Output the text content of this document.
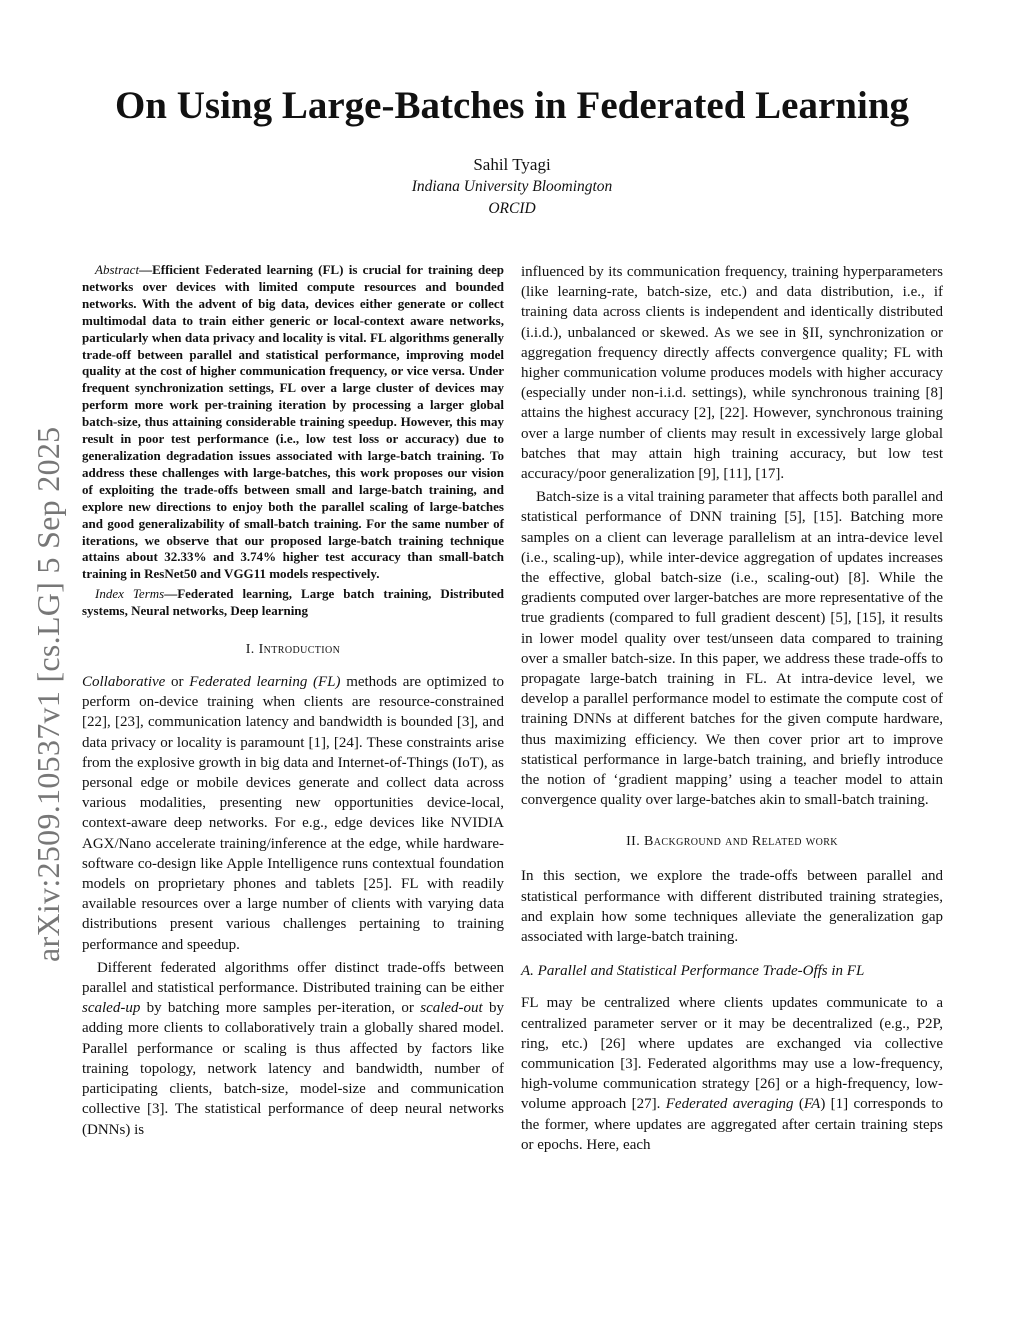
arXiv:2509.10537v1 [cs.LG] 5 Sep 2025
On Using Large-Batches in Federated Learning
Sahil Tyagi
Indiana University Bloomington
ORCID

Abstract—Efficient Federated learning (FL) is crucial for training deep networks over devices with limited compute resources and bounded networks. With the advent of big data, devices either generate or collect multimodal data to train either generic or local-context aware networks, particularly when data privacy and locality is vital. FL algorithms generally trade-off between parallel and statistical performance, improving model quality at the cost of higher communication frequency, or vice versa. Under frequent synchronization settings, FL over a large cluster of devices may perform more work per-training iteration by processing a larger global batch-size, thus attaining considerable training speedup. However, this may result in poor test performance (i.e., low test loss or accuracy) due to generalization degradation issues associated with large-batch training. To address these challenges with large-batches, this work proposes our vision of exploiting the trade-offs between small and large-batch training, and explore new directions to enjoy both the parallel scaling of large-batches and good generalizability of small-batch training. For the same number of iterations, we observe that our proposed large-batch training technique attains about 32.33% and 3.74% higher test accuracy than small-batch training in ResNet50 and VGG11 models respectively.

Index Terms—Federated learning, Large batch training, Distributed systems, Neural networks, Deep learning

I. Introduction

Collaborative or Federated learning (FL) methods are optimized to perform on-device training when clients are resource-constrained [22], [23], communication latency and bandwidth is bounded [3], and data privacy or locality is paramount [1], [24]. These constraints arise from the explosive growth in big data and Internet-of-Things (IoT), as personal edge or mobile devices generate and collect data across various modalities, presenting new opportunities device-local, context-aware deep networks. For e.g., edge devices like NVIDIA AGX/Nano accelerate training/inference at the edge, while hardware-software co-design like Apple Intelligence runs contextual foundation models on proprietary phones and tablets [25]. FL with readily available resources over a large number of clients with varying data distributions present various challenges pertaining to training performance and speedup.

Different federated algorithms offer distinct trade-offs between parallel and statistical performance. Distributed training can be either scaled-up by batching more samples per-iteration, or scaled-out by adding more clients to collaboratively train a globally shared model. Parallel performance or scaling is thus affected by factors like training topology, network latency and bandwidth, number of participating clients, batch-size, model-size and communication collective [3]. The statistical performance of deep neural networks (DNNs) is

influenced by its communication frequency, training hyperparameters (like learning-rate, batch-size, etc.) and data distribution, i.e., if training data across clients is independent and identically distributed (i.i.d.), unbalanced or skewed. As we see in §II, synchronization or aggregation frequency directly affects convergence quality; FL with higher communication volume produces models with higher accuracy (especially under non-i.i.d. settings), while synchronous training [8] attains the highest accuracy [2], [22]. However, synchronous training over a large number of clients may result in excessively large global batches that may attain high training accuracy, but low test accuracy/poor generalization [9], [11], [17].

Batch-size is a vital training parameter that affects both parallel and statistical performance of DNN training [5], [15]. Batching more samples on a client can leverage parallelism at an intra-device level (i.e., scaling-up), while inter-device aggregation of updates increases the effective, global batch-size (i.e., scaling-out) [8]. While the gradients computed over larger-batches are more representative of the true gradients (compared to full gradient descent) [5], [15], it results in lower model quality over test/unseen data compared to training over a smaller batch-size. In this paper, we address these trade-offs to propagate large-batch training in FL. At intra-device level, we develop a parallel performance model to estimate the compute cost of training DNNs at different batches for the given compute hardware, thus maximizing efficiency. We then cover prior art to improve statistical performance in large-batch training, and briefly introduce the notion of ‘gradient mapping’ using a teacher model to attain convergence quality over large-batches akin to small-batch training.

II. Background and Related work

In this section, we explore the trade-offs between parallel and statistical performance with different distributed training strategies, and explain how some techniques alleviate the generalization gap associated with large-batch training.

A. Parallel and Statistical Performance Trade-Offs in FL

FL may be centralized where clients updates communicate to a centralized parameter server or it may be decentralized (e.g., P2P, ring, etc.) [26] where updates are exchanged via collective communication [3]. Federated algorithms may use a low-frequency, high-volume communication strategy [26] or a high-frequency, low-volume approach [27]. Federated averaging (FA) [1] corresponds to the former, where updates are aggregated after certain training steps or epochs. Here, each
